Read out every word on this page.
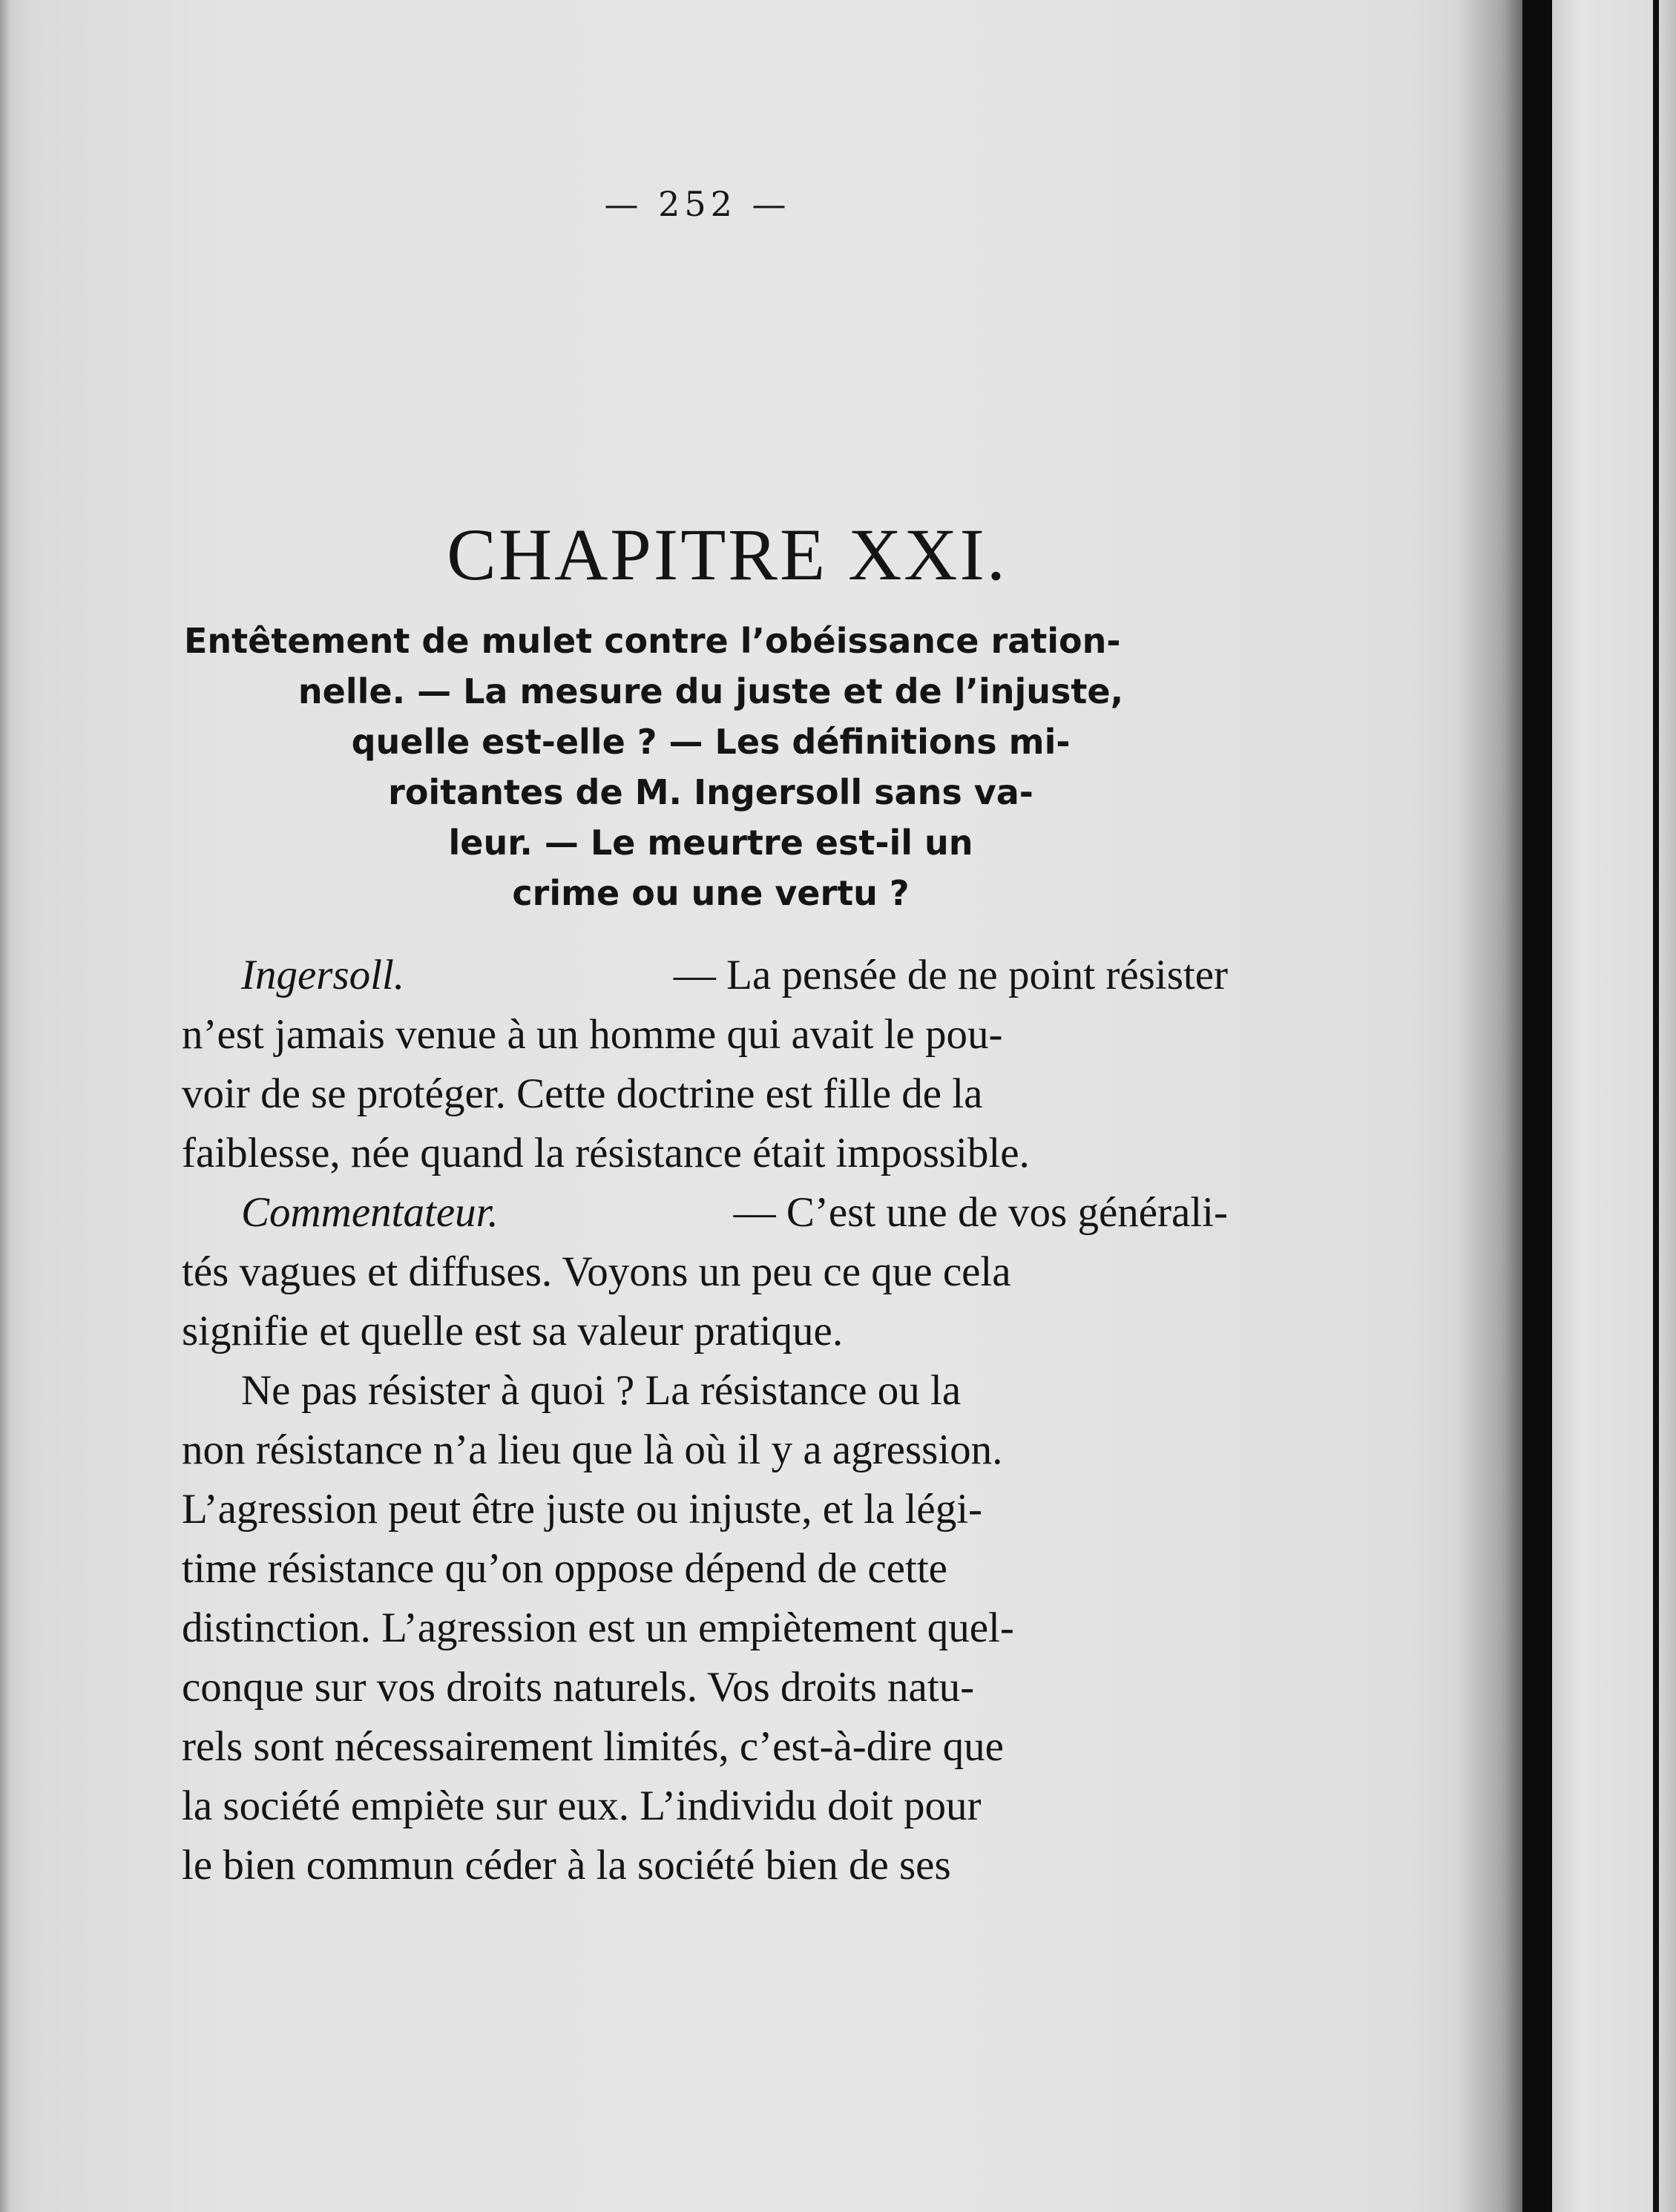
— 252 —
CHAPITRE XXI.
Entêtement de mulet contre l’obéissance ration-
nelle. — La mesure du juste et de l’injuste,
quelle est-elle ? — Les définitions mi-
roitantes de M. Ingersoll sans va-
leur. — Le meurtre est-il un
crime ou une vertu ?
Ingersoll.	— La pensée de ne point résister
n’est jamais venue à un homme qui avait le pou-
voir de se protéger. Cette doctrine est fille de la
faiblesse, née quand la résistance était impossible.
Commentateur.	— C’est une de vos générali-
tés vagues et diffuses. Voyons un peu ce que cela
signifie et quelle est sa valeur pratique.
Ne pas résister à quoi ? La résistance ou la
non résistance n’a lieu que là où il y a agression.
L’agression peut être juste ou injuste, et la légi-
time résistance qu’on oppose dépend de cette
distinction. L’agression est un empiètement quel-
conque sur vos droits naturels. Vos droits natu-
rels sont nécessairement limités, c’est-à-dire que
la société empiète sur eux. L’individu doit pour
le bien commun céder à la société bien de ses
